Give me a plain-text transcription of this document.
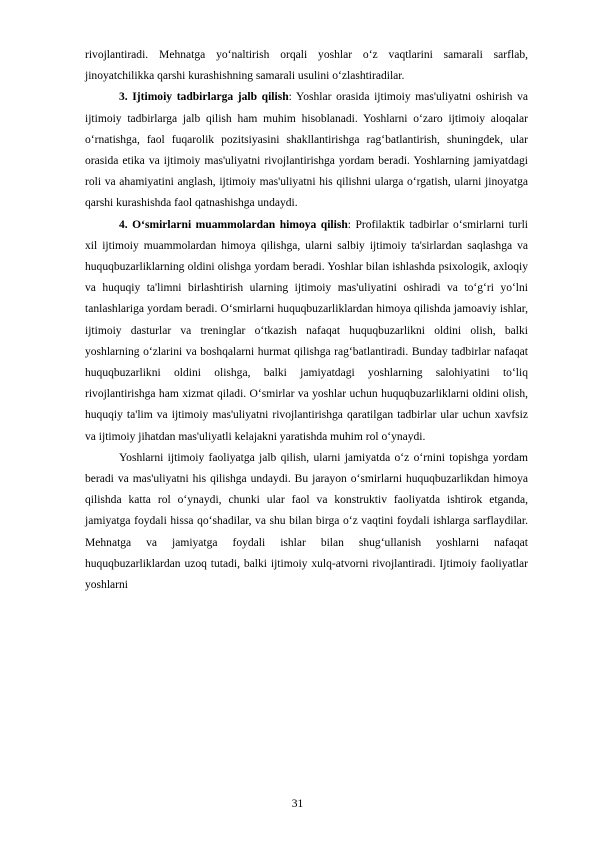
rivojlantiradi. Mehnatga yo‘naltirish orqali yoshlar o‘z vaqtlarini samarali sarflab, jinoyatchilikka qarshi kurashishning samarali usulini o‘zlashtiradilar.

3. Ijtimoiy tadbirlarga jalb qilish: Yoshlar orasida ijtimoiy mas'uliyatni oshirish va ijtimoiy tadbirlarga jalb qilish ham muhim hisoblanadi. Yoshlarni o‘zaro ijtimoiy aloqalar o‘rnatishga, faol fuqarolik pozitsiyasini shakllantirishga rag‘batlantirish, shuningdek, ular orasida etika va ijtimoiy mas'uliyatni rivojlantirishga yordam beradi. Yoshlarning jamiyatdagi roli va ahamiyatini anglash, ijtimoiy mas'uliyatni his qilishni ularga o‘rgatish, ularni jinoyatga qarshi kurashishda faol qatnashishga undaydi.

4. O‘smirlarni muammolardan himoya qilish: Profilaktik tadbirlar o‘smirlarni turli xil ijtimoiy muammolardan himoya qilishga, ularni salbiy ijtimoiy ta'sirlardan saqlashga va huquqbuzarliklarning oldini olishga yordam beradi. Yoshlar bilan ishlashda psixologik, axloqiy va huquqiy ta'limni birlashtirish ularning ijtimoiy mas'uliyatini oshiradi va to‘g‘ri yo‘lni tanlashlariga yordam beradi. O‘smirlarni huquqbuzarliklardan himoya qilishda jamoaviy ishlar, ijtimoiy dasturlar va treninglar o‘tkazish nafaqat huquqbuzarlikni oldini olish, balki yoshlarning o‘zlarini va boshqalarni hurmat qilishga rag‘batlantiradi. Bunday tadbirlar nafaqat huquqbuzarlikni oldini olishga, balki jamiyatdagi yoshlarning salohiyatini to‘liq rivojlantirishga ham xizmat qiladi. O‘smirlar va yoshlar uchun huquqbuzarliklarni oldini olish, huquqiy ta'lim va ijtimoiy mas'uliyatni rivojlantirishga qaratilgan tadbirlar ular uchun xavfsiz va ijtimoiy jihatdan mas'uliyatli kelajakni yaratishda muhim rol o‘ynaydi.

Yoshlarni ijtimoiy faoliyatga jalb qilish, ularni jamiyatda o‘z o‘rnini topishga yordam beradi va mas'uliyatni his qilishga undaydi. Bu jarayon o‘smirlarni huquqbuzarlikdan himoya qilishda katta rol o‘ynaydi, chunki ular faol va konstruktiv faoliyatda ishtirok etganda, jamiyatga foydali hissa qo‘shadilar, va shu bilan birga o‘z vaqtini foydali ishlarga sarflaydilar. Mehnatga va jamiyatga foydali ishlar bilan shug‘ullanish yoshlarni nafaqat huquqbuzarliklardan uzoq tutadi, balki ijtimoiy xulq-atvorni rivojlantiradi. Ijtimoiy faoliyatlar yoshlarni

31
